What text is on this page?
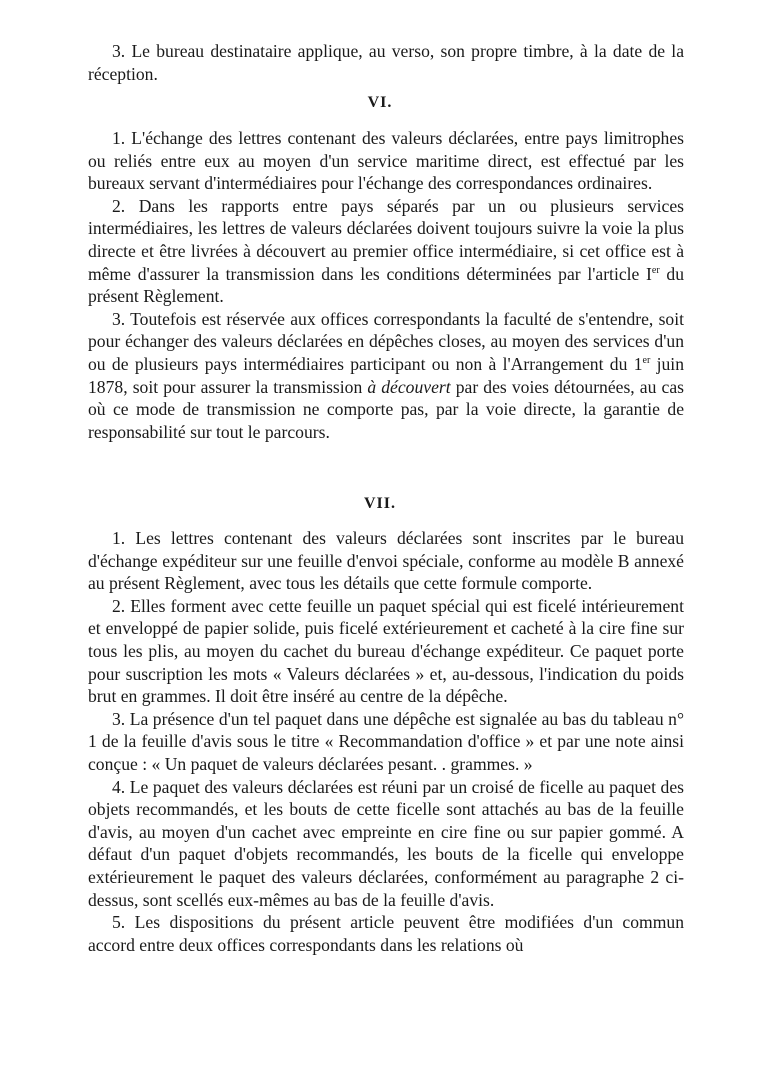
3. Le bureau destinataire applique, au verso, son propre timbre, à la date de la réception.

VI.

1. L'échange des lettres contenant des valeurs déclarées, entre pays limitrophes ou reliés entre eux au moyen d'un service maritime direct, est effectué par les bureaux servant d'intermédiaires pour l'échange des correspondances ordinaires.

2. Dans les rapports entre pays séparés par un ou plusieurs services intermédiaires, les lettres de valeurs déclarées doivent toujours suivre la voie la plus directe et être livrées à découvert au premier office intermédiaire, si cet office est à même d'assurer la transmission dans les conditions déterminées par l'article Ier du présent Règlement.

3. Toutefois est réservée aux offices correspondants la faculté de s'entendre, soit pour échanger des valeurs déclarées en dépêches closes, au moyen des services d'un ou de plusieurs pays intermédiaires participant ou non à l'Arrangement du 1er juin 1878, soit pour assurer la transmission à découvert par des voies détournées, au cas où ce mode de transmission ne comporte pas, par la voie directe, la garantie de responsabilité sur tout le parcours.

VII.

1. Les lettres contenant des valeurs déclarées sont inscrites par le bureau d'échange expéditeur sur une feuille d'envoi spéciale, conforme au modèle B annexé au présent Règlement, avec tous les détails que cette formule comporte.

2. Elles forment avec cette feuille un paquet spécial qui est ficelé intérieurement et enveloppé de papier solide, puis ficelé extérieurement et cacheté à la cire fine sur tous les plis, au moyen du cachet du bureau d'échange expéditeur. Ce paquet porte pour suscription les mots « Valeurs déclarées » et, au-dessous, l'indication du poids brut en grammes. Il doit être inséré au centre de la dépêche.

3. La présence d'un tel paquet dans une dépêche est signalée au bas du tableau n° 1 de la feuille d'avis sous le titre « Recommandation d'office » et par une note ainsi conçue : « Un paquet de valeurs déclarées pesant. . grammes. »

4. Le paquet des valeurs déclarées est réuni par un croisé de ficelle au paquet des objets recommandés, et les bouts de cette ficelle sont attachés au bas de la feuille d'avis, au moyen d'un cachet avec empreinte en cire fine ou sur papier gommé. A défaut d'un paquet d'objets recommandés, les bouts de la ficelle qui enveloppe extérieurement le paquet des valeurs déclarées, conformément au paragraphe 2 ci-dessus, sont scellés eux-mêmes au bas de la feuille d'avis.

5. Les dispositions du présent article peuvent être modifiées d'un commun accord entre deux offices correspondants dans les relations où
